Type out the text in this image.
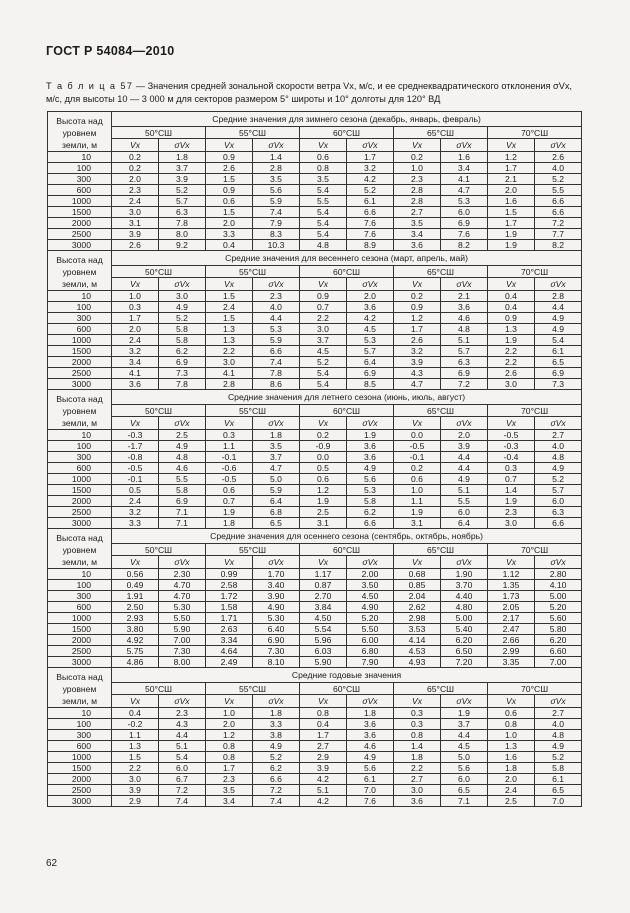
ГОСТ Р 54084—2010
Т а б л и ц а 57 — Значения средней зональной скорости ветра Vx, м/с, и ее среднеквадратического отклонения σVx,
м/с, для высоты 10 — 3 000 м для секторов размером 5° широты и 10° долготы для 120° ВД
Высота над уровнем земли, м	Средние значения для зимнего сезона (декабрь, январь, февраль)									
	50°СШ		55°СШ		60°СШ		65°СШ		70°СШ	
	Vx	σVx	Vx	σVx	Vx	σVx	Vx	σVx	Vx	σVx
10	0.2	1.8	0.9	1.4	0.6	1.7	0.2	1.6	1.2	2.6
100	0.2	3.7	2.6	2.8	0.8	3.2	1.0	3.4	1.7	4.0
300	2.0	3.9	1.5	3.5	3.5	4.2	2.3	4.1	2.1	5.2
600	2.3	5.2	0.9	5.6	5.4	5.2	2.8	4.7	2.0	5.5
1000	2.4	5.7	0.6	5.9	5.5	6.1	2.8	5.3	1.6	6.6
1500	3.0	6.3	1.5	7.4	5.4	6.6	2.7	6.0	1.5	6.6
2000	3.1	7.8	2.0	7.9	5.4	7.6	3.5	6.9	1.7	7.2
2500	3.9	8.0	3.3	8.3	5.4	7.6	3.4	7.6	1.9	7.7
3000	2.6	9.2	0.4	10.3	4.8	8.9	3.6	8.2	1.9	8.2
Высота над уровнем земли, м	Средние значения для весеннего сезона (март, апрель, май)									
	50°СШ		55°СШ		60°СШ		65°СШ		70°СШ	
	Vx	σVx	Vx	σVx	Vx	σVx	Vx	σVx	Vx	σVx
10	1.0	3.0	1.5	2.3	0.9	2.0	0.2	2.1	0.4	2.8
100	0.3	4.9	2.4	4.0	0.7	3.6	0.9	3.6	0.4	4.4
300	1.7	5.2	1.5	4.4	2.2	4.2	1.2	4.6	0.9	4.9
600	2.0	5.8	1.3	5.3	3.0	4.5	1.7	4.8	1.3	4.9
1000	2.4	5.8	1.3	5.9	3.7	5.3	2.6	5.1	1.9	5.4
1500	3.2	6.2	2.2	6.6	4.5	5.7	3.2	5.7	2.2	6.1
2000	3.4	6.9	3.0	7.4	5.2	6.4	3.9	6.3	2.2	6.5
2500	4.1	7.3	4.1	7.8	5.4	6.9	4.3	6.9	2.6	6.9
3000	3.6	7.8	2.8	8.6	5.4	8.5	4.7	7.2	3.0	7.3
Высота над уровнем земли, м	Средние значения для летнего сезона (июнь, июль, август)									
	50°СШ		55°СШ		60°СШ		65°СШ		70°СШ	
	Vx	σVx	Vx	σVx	Vx	σVx	Vx	σVx	Vx	σVx
10	-0.3	2.5	0.3	1.8	0.2	1.9	0.0	2.0	-0.5	2.7
100	-1.7	4.9	1.1	3.5	-0.9	3.6	-0.5	3.9	-0.3	4.0
300	-0.8	4.8	-0.1	3.7	0.0	3.6	-0.1	4.4	-0.4	4.8
600	-0.5	4.6	-0.6	4.7	0.5	4.9	0.2	4.4	0.3	4.9
1000	-0.1	5.5	-0.5	5.0	0.6	5.6	0.6	4.9	0.7	5.2
1500	0.5	5.8	0.6	5.9	1.2	5.3	1.0	5.1	1.4	5.7
2000	2.4	6.9	0.7	6.4	1.9	5.8	1.1	5.5	1.9	6.0
2500	3.2	7.1	1.9	6.8	2.5	6.2	1.9	6.0	2.3	6.3
3000	3.3	7.1	1.8	6.5	3.1	6.6	3.1	6.4	3.0	6.6
Высота над уровнем земли, м	Средние значения для осеннего сезона (сентябрь, октябрь, ноябрь)									
	50°СШ		55°СШ		60°СШ		65°СШ		70°СШ	
	Vx	σVx	Vx	σVx	Vx	σVx	Vx	σVx	Vx	σVx
10	0.56	2.30	0.99	1.70	1.17	2.00	0.68	1.90	1.12	2.80
100	0.49	4.70	2.58	3.40	0.87	3.50	0.85	3.70	1.35	4.10
300	1.91	4.70	1.72	3.90	2.70	4.50	2.04	4.40	1.73	5.00
600	2.50	5.30	1.58	4.90	3.84	4.90	2.62	4.80	2.05	5.20
1000	2.93	5.50	1.71	5.30	4.50	5.20	2.98	5.00	2.17	5.60
1500	3.80	5.90	2.63	6.40	5.54	5.50	3.53	5.40	2.47	5.80
2000	4.92	7.00	3.34	6.90	5.96	6.00	4.14	6.20	2.66	6.20
2500	5.75	7.30	4.64	7.30	6.03	6.80	4.53	6.50	2.99	6.60
3000	4.86	8.00	2.49	8.10	5.90	7.90	4.93	7.20	3.35	7.00
Высота над уровнем земли, м	Средние годовые значения									
	50°СШ		55°СШ		60°СШ		65°СШ		70°СШ	
	Vx	σVx	Vx	σVx	Vx	σVx	Vx	σVx	Vx	σVx
10	0.4	2.3	1.0	1.8	0.8	1.8	0.3	1.9	0.6	2.7
100	-0.2	4.3	2.0	3.3	0.4	3.6	0.3	3.7	0.8	4.0
300	1.1	4.4	1.2	3.8	1.7	3.6	0.8	4.4	1.0	4.8
600	1.3	5.1	0.8	4.9	2.7	4.6	1.4	4.5	1.3	4.9
1000	1.5	5.4	0.8	5.2	2.9	4.9	1.8	5.0	1.6	5.2
1500	2.2	6.0	1.7	6.2	3.9	5.6	2.2	5.6	1.8	5.8
2000	3.0	6.7	2.3	6.6	4.2	6.1	2.7	6.0	2.0	6.1
2500	3.9	7.2	3.5	7.2	5.1	7.0	3.0	6.5	2.4	6.5
3000	2.9	7.4	3.4	7.4	4.2	7.6	3.6	7.1	2.5	7.0
62
